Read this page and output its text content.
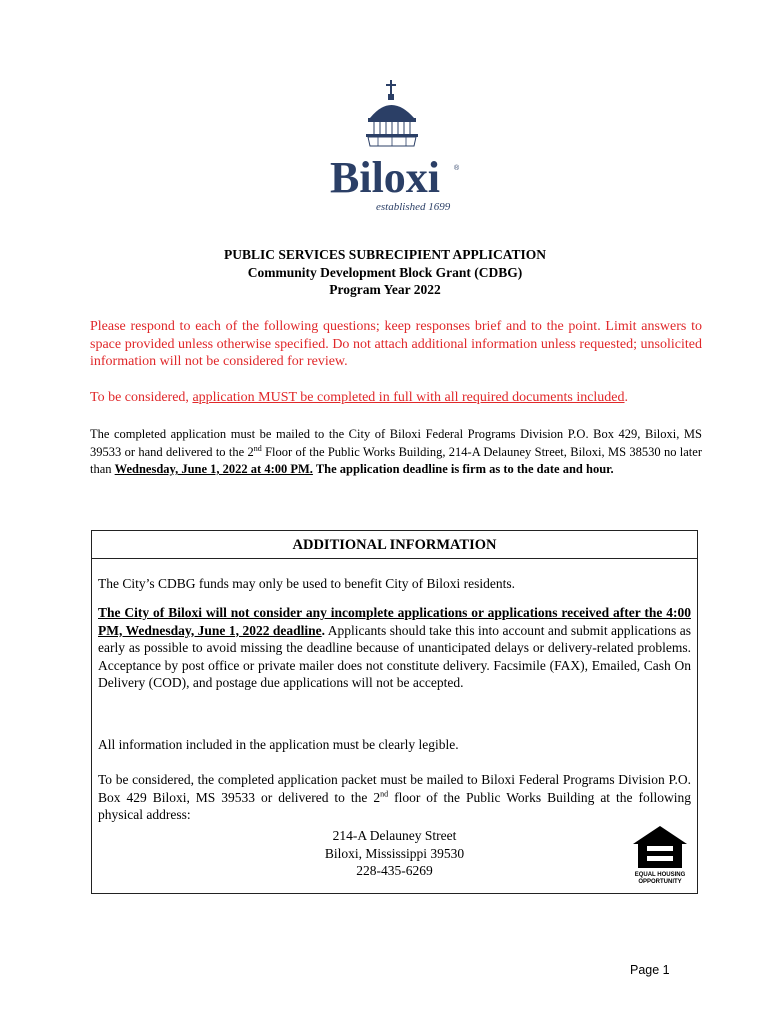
Biloxi ®
established 1699
PUBLIC SERVICES SUBRECIPIENT APPLICATION
Community Development Block Grant (CDBG)
Program Year 2022
Please respond to each of the following questions; keep responses brief and to the point. Limit answers to space provided unless otherwise specified. Do not attach additional information unless requested; unsolicited information will not be considered for review.
To be considered, application MUST be completed in full with all required documents included.
The completed application must be mailed to the City of Biloxi Federal Programs Division P.O. Box 429, Biloxi, MS 39533 or hand delivered to the 2nd Floor of the Public Works Building, 214-A Delauney Street, Biloxi, MS 38530 no later than Wednesday, June 1, 2022 at 4:00 PM. The application deadline is firm as to the date and hour.
ADDITIONAL INFORMATION

The City’s CDBG funds may only be used to benefit City of Biloxi residents.

The City of Biloxi will not consider any incomplete applications or applications received after the 4:00 PM, Wednesday, June 1, 2022 deadline. Applicants should take this into account and submit applications as early as possible to avoid missing the deadline because of unanticipated delays or delivery-related problems. Acceptance by post office or private mailer does not constitute delivery. Facsimile (FAX), Emailed, Cash On Delivery (COD), and postage due applications will not be accepted.

All information included in the application must be clearly legible.

To be considered, the completed application packet must be mailed to Biloxi Federal Programs Division P.O. Box 429 Biloxi, MS 39533 or delivered to the 2nd floor of the Public Works Building at the following physical address:

214-A Delauney Street
Biloxi, Mississippi 39530
228-435-6269	EQUAL HOUSING
OPPORTUNITY
Page 1
